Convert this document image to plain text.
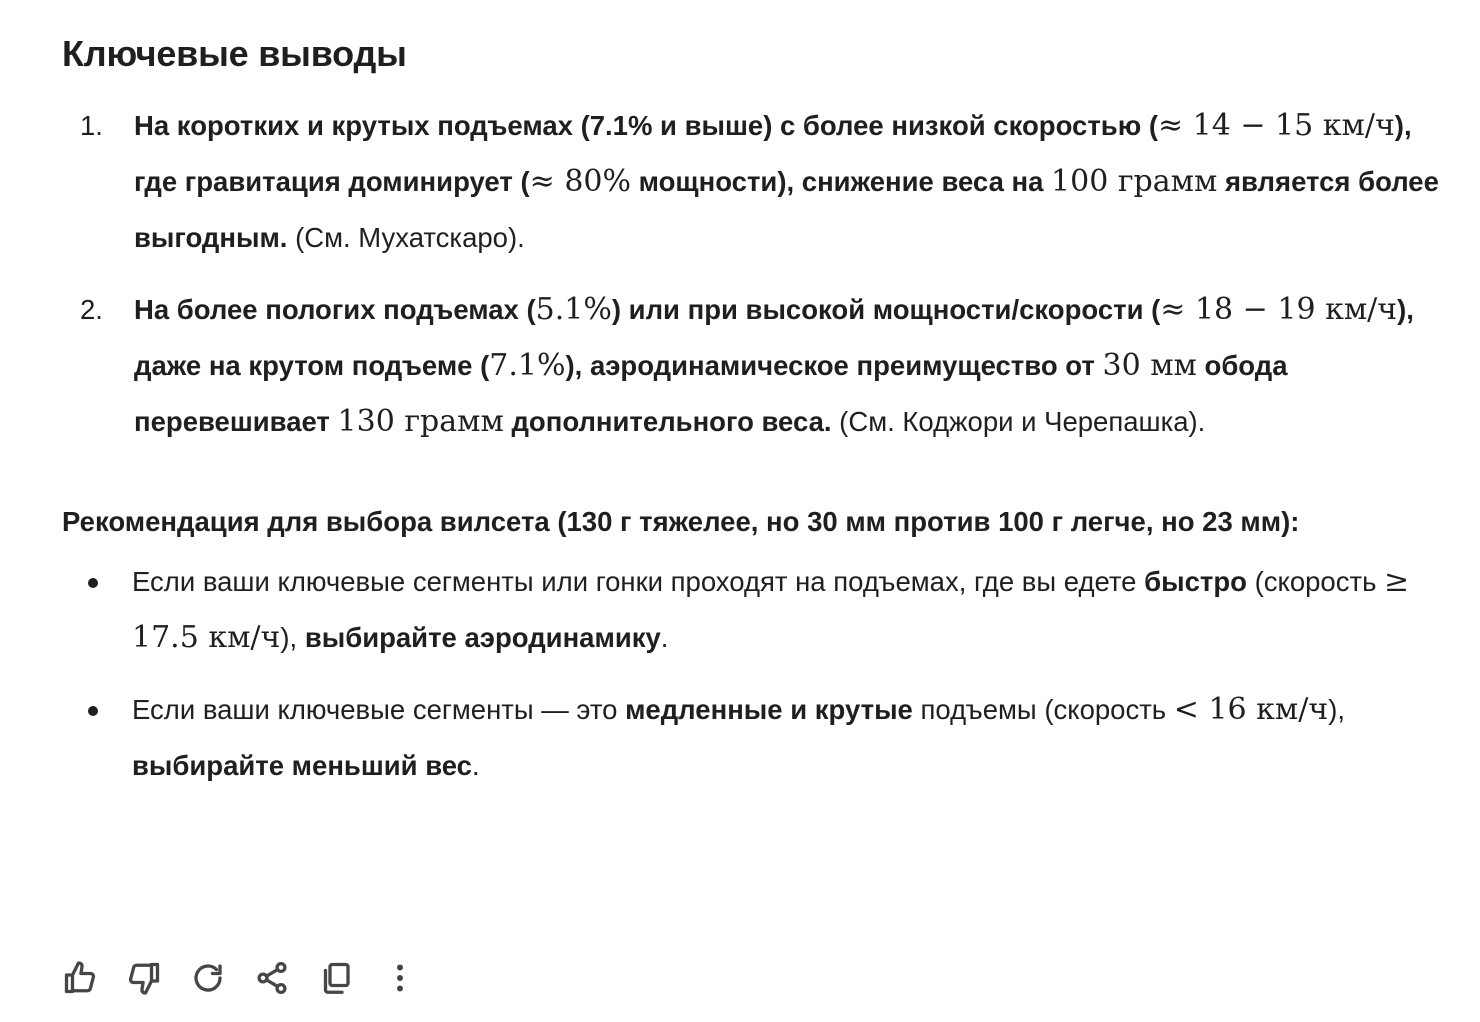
Ключевые выводы
1. На коротких и крутых подъемах (7.1% и выше) с более низкой скоростью (≈ 14 − 15 км/ч), где гравитация доминирует (≈ 80% мощности), снижение веса на 100 грамм является более выгодным. (См. Мухатскаро).
2. На более пологих подъемах (5.1%) или при высокой мощности/скорости (≈ 18 − 19 км/ч), даже на крутом подъеме (7.1%), аэродинамическое преимущество от 30 мм обода перевешивает 130 грамм дополнительного веса. (См. Коджори и Черепашка).
Рекомендация для выбора вилсета (130 г тяжелее, но 30 мм против 100 г легче, но 23 мм):
Если ваши ключевые сегменты или гонки проходят на подъемах, где вы едете быстро (скорость ≥ 17.5 км/ч), выбирайте аэродинамику.
Если ваши ключевые сегменты — это медленные и крутые подъемы (скорость < 16 км/ч), выбирайте меньший вес.
